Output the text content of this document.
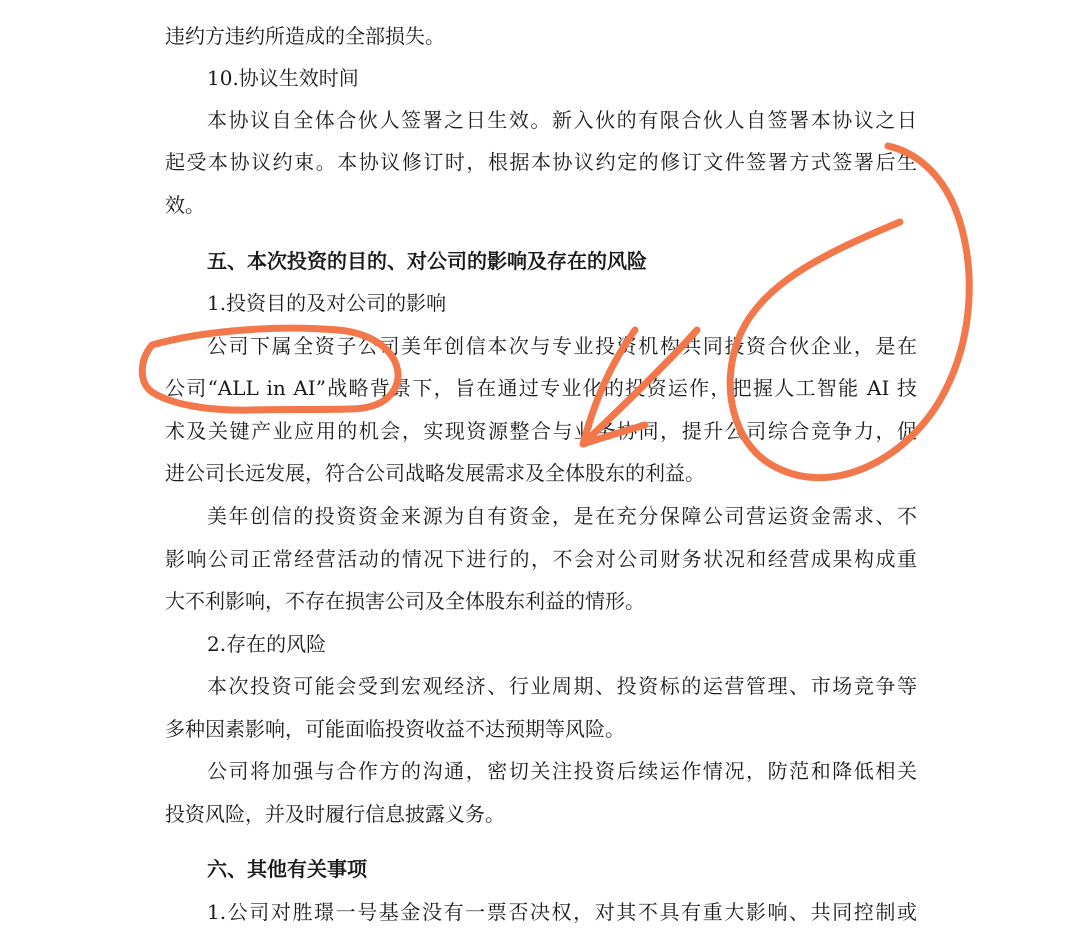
违约方违约所造成的全部损失。
10.协议生效时间
本协议自全体合伙人签署之日生效。新入伙的有限合伙人自签署本协议之日
起受本协议约束。本协议修订时，根据本协议约定的修订文件签署方式签署后生
效。
五、本次投资的目的、对公司的影响及存在的风险
1.投资目的及对公司的影响
公司下属全资子公司美年创信本次与专业投资机构共同投资合伙企业，是在
公司“ALL in AI”战略背景下，旨在通过专业化的投资运作，把握人工智能 AI 技
术及关键产业应用的机会，实现资源整合与业务协同，提升公司综合竞争力，促
进公司长远发展，符合公司战略发展需求及全体股东的利益。
美年创信的投资资金来源为自有资金，是在充分保障公司营运资金需求、不
影响公司正常经营活动的情况下进行的，不会对公司财务状况和经营成果构成重
大不利影响，不存在损害公司及全体股东利益的情形。
2.存在的风险
本次投资可能会受到宏观经济、行业周期、投资标的运营管理、市场竞争等
多种因素影响，可能面临投资收益不达预期等风险。
公司将加强与合作方的沟通，密切关注投资后续运作情况，防范和降低相关
投资风险，并及时履行信息披露义务。
六、其他有关事项
1.公司对胜璟一号基金没有一票否决权，对其不具有重大影响、共同控制或
